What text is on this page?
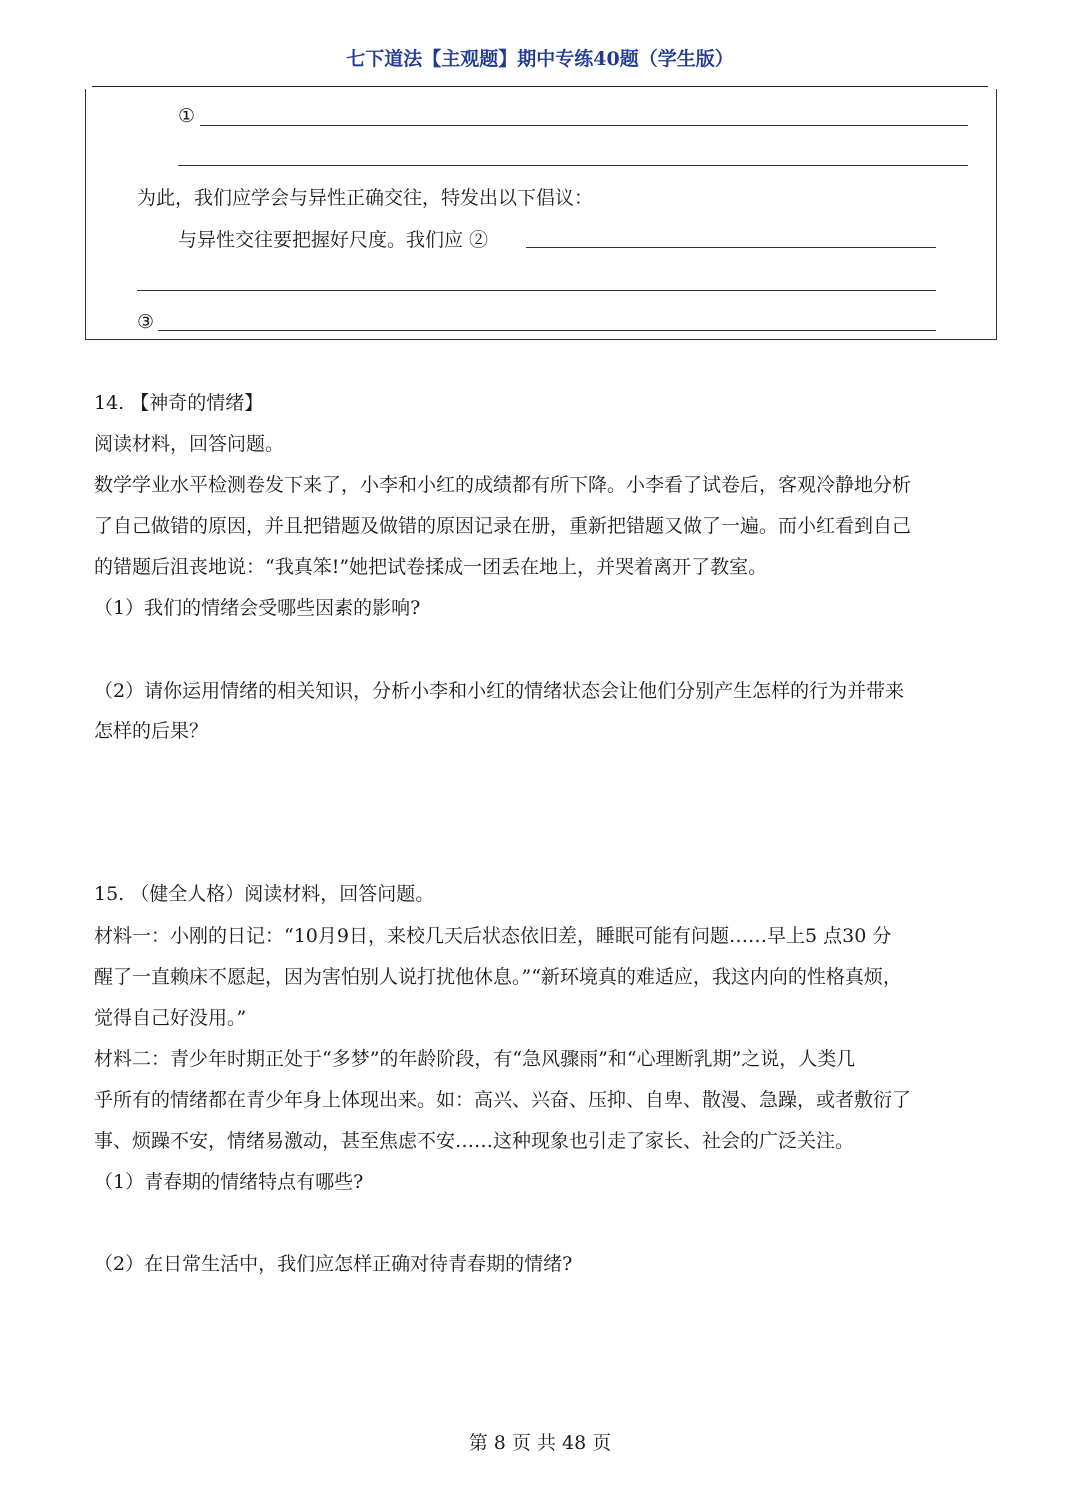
七下道法【主观题】期中专练40题（学生版）
①
为此，我们应学会与异性正确交往，特发出以下倡议：
与异性交往要把握好尺度。我们应 ②
③
14. 【神奇的情绪】
阅读材料，回答问题。
数学学业水平检测卷发下来了，小李和小红的成绩都有所下降。小李看了试卷后，客观冷静地分析
了自己做错的原因，并且把错题及做错的原因记录在册，重新把错题又做了一遍。而小红看到自己
的错题后沮丧地说：“我真笨!”她把试卷揉成一团丢在地上，并哭着离开了教室。
（1）我们的情绪会受哪些因素的影响?
（2）请你运用情绪的相关知识，分析小李和小红的情绪状态会让他们分别产生怎样的行为并带来
怎样的后果？
15. （健全人格）阅读材料，回答问题。
材料一：小刚的日记：“10月9日，来校几天后状态依旧差，睡眠可能有问题……早上5 点30 分
醒了一直赖床不愿起，因为害怕别人说打扰他休息。”“新环境真的难适应，我这内向的性格真烦，
觉得自己好没用。”
材料二：青少年时期正处于“多梦”的年龄阶段，有“急风骤雨”和“心理断乳期”之说，人类几
乎所有的情绪都在青少年身上体现出来。如：高兴、兴奋、压抑、自卑、散漫、急躁，或者敷衍了
事、烦躁不安，情绪易激动，甚至焦虑不安……这种现象也引走了家长、社会的广泛关注。
（1）青春期的情绪特点有哪些?
（2）在日常生活中，我们应怎样正确对待青春期的情绪?
第 8 页 共 48 页
